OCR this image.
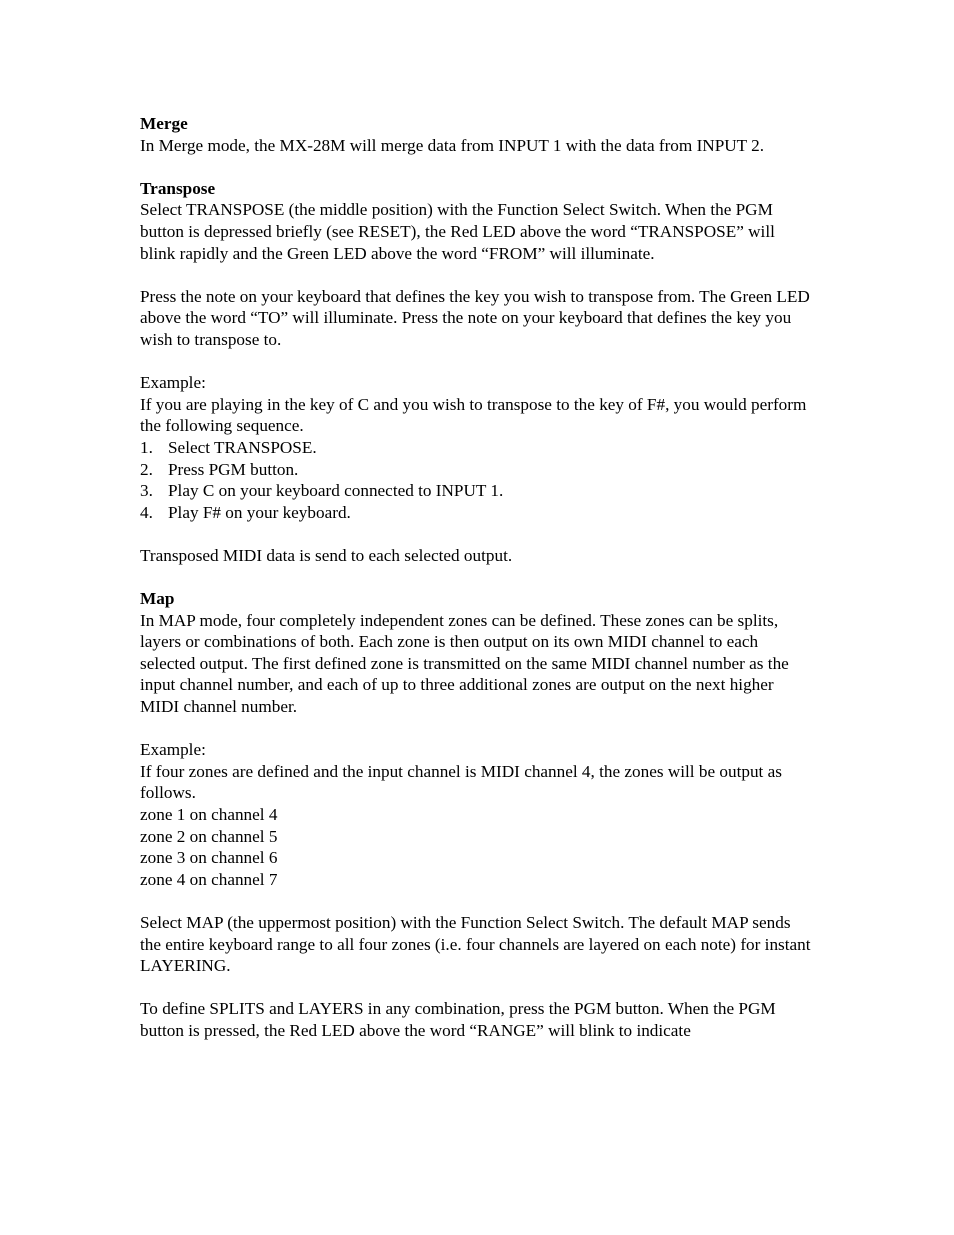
Merge

In Merge mode, the MX-28M will merge data from INPUT 1 with the data from INPUT 2.

Transpose

Select TRANSPOSE (the middle position) with the Function Select Switch. When the PGM button is depressed briefly (see RESET), the Red LED above the word “TRANSPOSE” will blink rapidly and the Green LED above the word “FROM” will illuminate.

Press the note on your keyboard that defines the key you wish to transpose from. The Green LED above the word “TO” will illuminate. Press the note on your keyboard that defines the key you wish to transpose to.

Example:

If you are playing in the key of C and you wish to transpose to the key of F#, you would perform the following sequence.

1. Select TRANSPOSE.
2. Press PGM button.
3. Play C on your keyboard connected to INPUT 1.
4. Play F# on your keyboard.

Transposed MIDI data is send to each selected output.

Map

In MAP mode, four completely independent zones can be defined. These zones can be splits, layers or combinations of both. Each zone is then output on its own MIDI channel to each selected output. The first defined zone is transmitted on the same MIDI channel number as the input channel number, and each of up to three additional zones are output on the next higher MIDI channel number.

Example:

If four zones are defined and the input channel is MIDI channel 4, the zones will be output as follows.

zone 1 on channel 4

zone 2 on channel 5

zone 3 on channel 6

zone 4 on channel 7

Select MAP (the uppermost position) with the Function Select Switch. The default MAP sends the entire keyboard range to all four zones (i.e. four channels are layered on each note) for instant LAYERING.

To define SPLITS and LAYERS in any combination, press the PGM button. When the PGM button is pressed, the Red LED above the word “RANGE” will blink to indicate
